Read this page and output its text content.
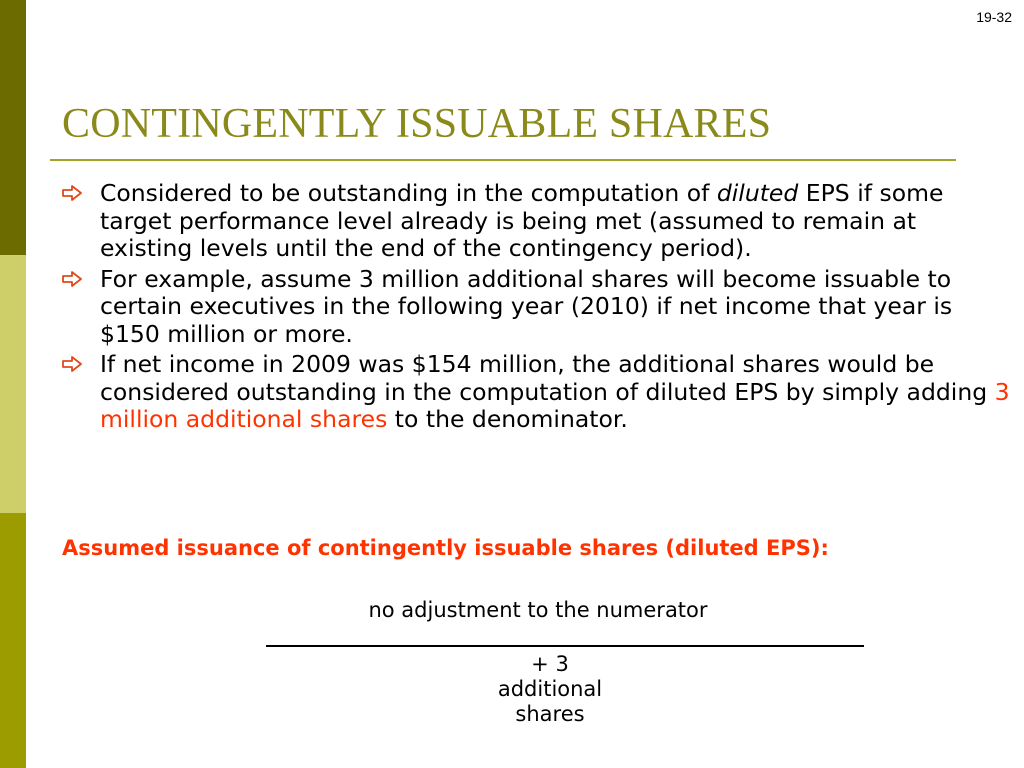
19-32
CONTINGENTLY ISSUABLE SHARES
Considered to be outstanding in the computation of diluted EPS if some target performance level already is being met (assumed to remain at existing levels until the end of the contingency period).
For example, assume 3 million additional shares will become issuable to certain executives in the following year (2010) if net income that year is $150 million or more.
If net income in 2009 was $154 million, the additional shares would be considered outstanding in the computation of diluted EPS by simply adding 3 million additional shares to the denominator.
Assumed issuance of contingently issuable shares (diluted EPS):
no adjustment to the numerator
+ 3
additional
shares
